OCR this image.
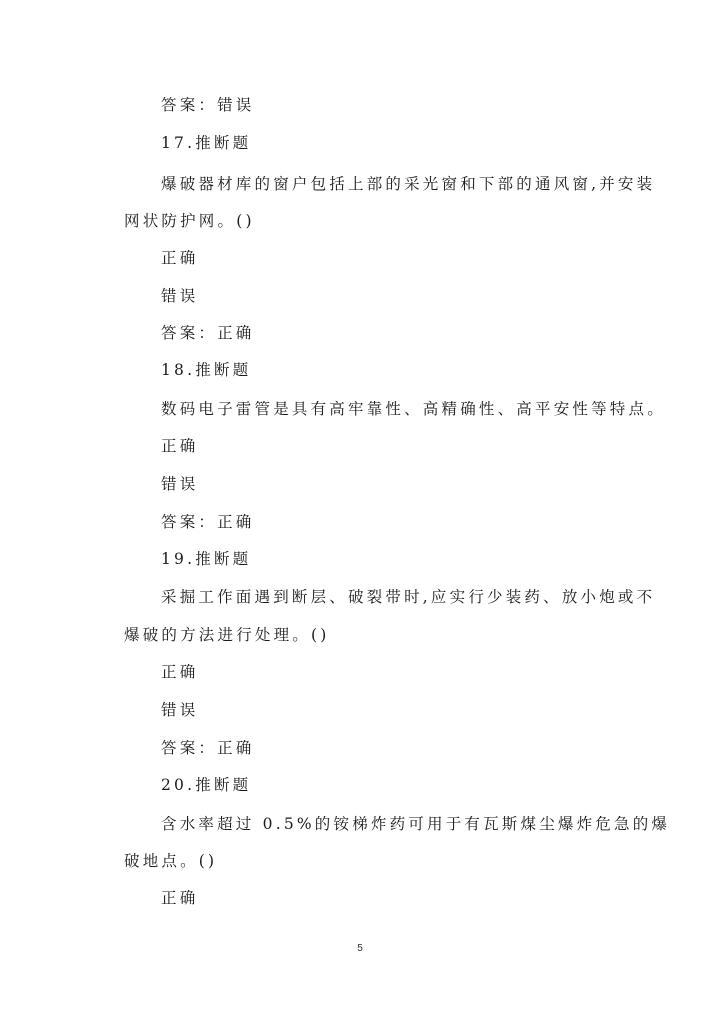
答案：错误
17.推断题
爆破器材库的窗户包括上部的采光窗和下部的通风窗,并安装
网状防护网。()
正确
错误
答案：正确
18.推断题
数码电子雷管是具有高牢靠性、高精确性、高平安性等特点。
正确
错误
答案：正确
19.推断题
采掘工作面遇到断层、破裂带时,应实行少装药、放小炮或不
爆破的方法进行处理。()
正确
错误
答案：正确
20.推断题
含水率超过 0.5%的铵梯炸药可用于有瓦斯煤尘爆炸危急的爆
破地点。()
正确
5
